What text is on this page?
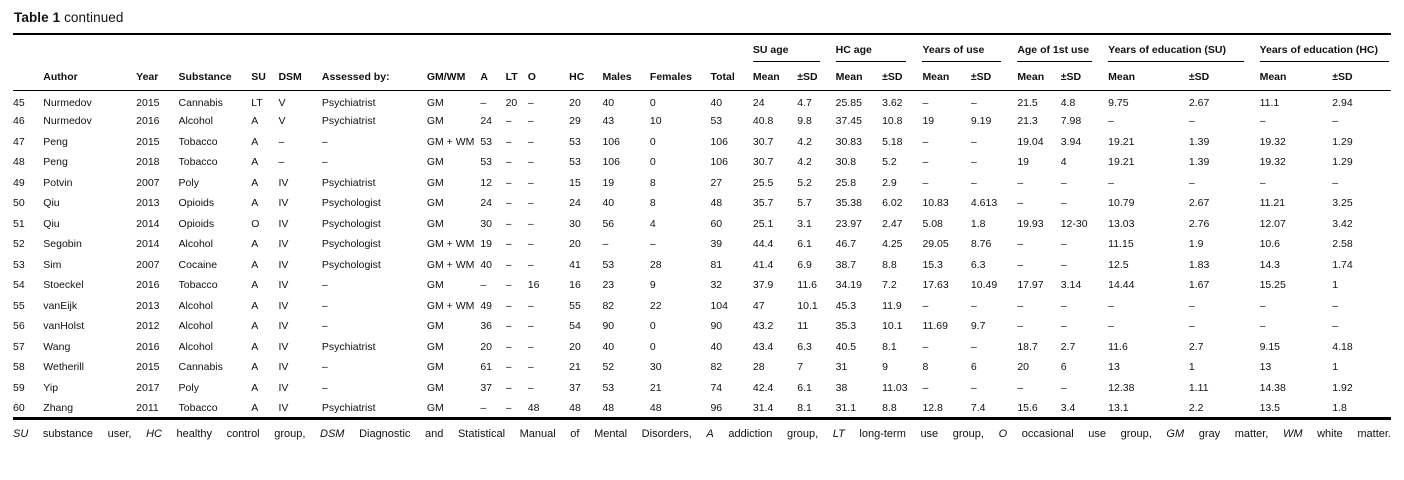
Table 1 continued

															SU age		HC age		Years of use		Age of 1st use		Years of education (SU)		Years of education (HC)	

	Author	Year	Substance	SU	DSM	Assessed by:	GM/WM	A	LT	O	HC	Males	Females	Total	Mean	±SD	Mean	±SD	Mean	±SD	Mean	±SD	Mean	±SD	Mean	±SD
45	Nurmedov	2015	Cannabis	LT	V	Psychiatrist	GM	–	20	–	20	40	0	40	24	4.7	25.85	3.62	–	–	21.5	4.8	9.75	2.67	11.1	2.94
46	Nurmedov	2016	Alcohol	A	V	Psychiatrist	GM	24	–	–	29	43	10	53	40.8	9.8	37.45	10.8	19	9.19	21.3	7.98	–	–	–	–
47	Peng	2015	Tobacco	A	–	–	GM + WM	53	–	–	53	106	0	106	30.7	4.2	30.83	5.18	–	–	19.04	3.94	19.21	1.39	19.32	1.29
48	Peng	2018	Tobacco	A	–	–	GM	53	–	–	53	106	0	106	30.7	4.2	30.8	5.2	–	–	19	4	19.21	1.39	19.32	1.29
49	Potvin	2007	Poly	A	IV	Psychiatrist	GM	12	–	–	15	19	8	27	25.5	5.2	25.8	2.9	–	–	–	–	–	–	–	–
50	Qiu	2013	Opioids	A	IV	Psychologist	GM	24	–	–	24	40	8	48	35.7	5.7	35.38	6.02	10.83	4.613	–	–	10.79	2.67	11.21	3.25
51	Qiu	2014	Opioids	O	IV	Psychologist	GM	30	–	–	30	56	4	60	25.1	3.1	23.97	2.47	5.08	1.8	19.93	12-30	13.03	2.76	12.07	3.42
52	Segobin	2014	Alcohol	A	IV	Psychologist	GM + WM	19	–	–	20	–	–	39	44.4	6.1	46.7	4.25	29.05	8.76	–	–	11.15	1.9	10.6	2.58
53	Sim	2007	Cocaine	A	IV	Psychologist	GM + WM	40	–	–	41	53	28	81	41.4	6.9	38.7	8.8	15.3	6.3	–	–	12.5	1.83	14.3	1.74
54	Stoeckel	2016	Tobacco	A	IV	–	GM	–	–	16	16	23	9	32	37.9	11.6	34.19	7.2	17.63	10.49	17.97	3.14	14.44	1.67	15.25	1
55	vanEijk	2013	Alcohol	A	IV	–	GM + WM	49	–	–	55	82	22	104	47	10.1	45.3	11.9	–	–	–	–	–	–	–	–
56	vanHolst	2012	Alcohol	A	IV	–	GM	36	–	–	54	90	0	90	43.2	11	35.3	10.1	11.69	9.7	–	–	–	–	–	–
57	Wang	2016	Alcohol	A	IV	Psychiatrist	GM	20	–	–	20	40	0	40	43.4	6.3	40.5	8.1	–	–	18.7	2.7	11.6	2.7	9.15	4.18
58	Wetherill	2015	Cannabis	A	IV	–	GM	61	–	–	21	52	30	82	28	7	31	9	8	6	20	6	13	1	13	1
59	Yip	2017	Poly	A	IV	–	GM	37	–	–	37	53	21	74	42.4	6.1	38	11.03	–	–	–	–	12.38	1.11	14.38	1.92
60	Zhang	2011	Tobacco	A	IV	Psychiatrist	GM	–	–	48	48	48	48	96	31.4	8.1	31.1	8.8	12.8	7.4	15.6	3.4	13.1	2.2	13.5	1.8
SU substance user, HC healthy control group, DSM Diagnostic and Statistical Manual of Mental Disorders, A addiction group, LT long-term use group, O occasional use group, GM gray matter, WM white matter.
